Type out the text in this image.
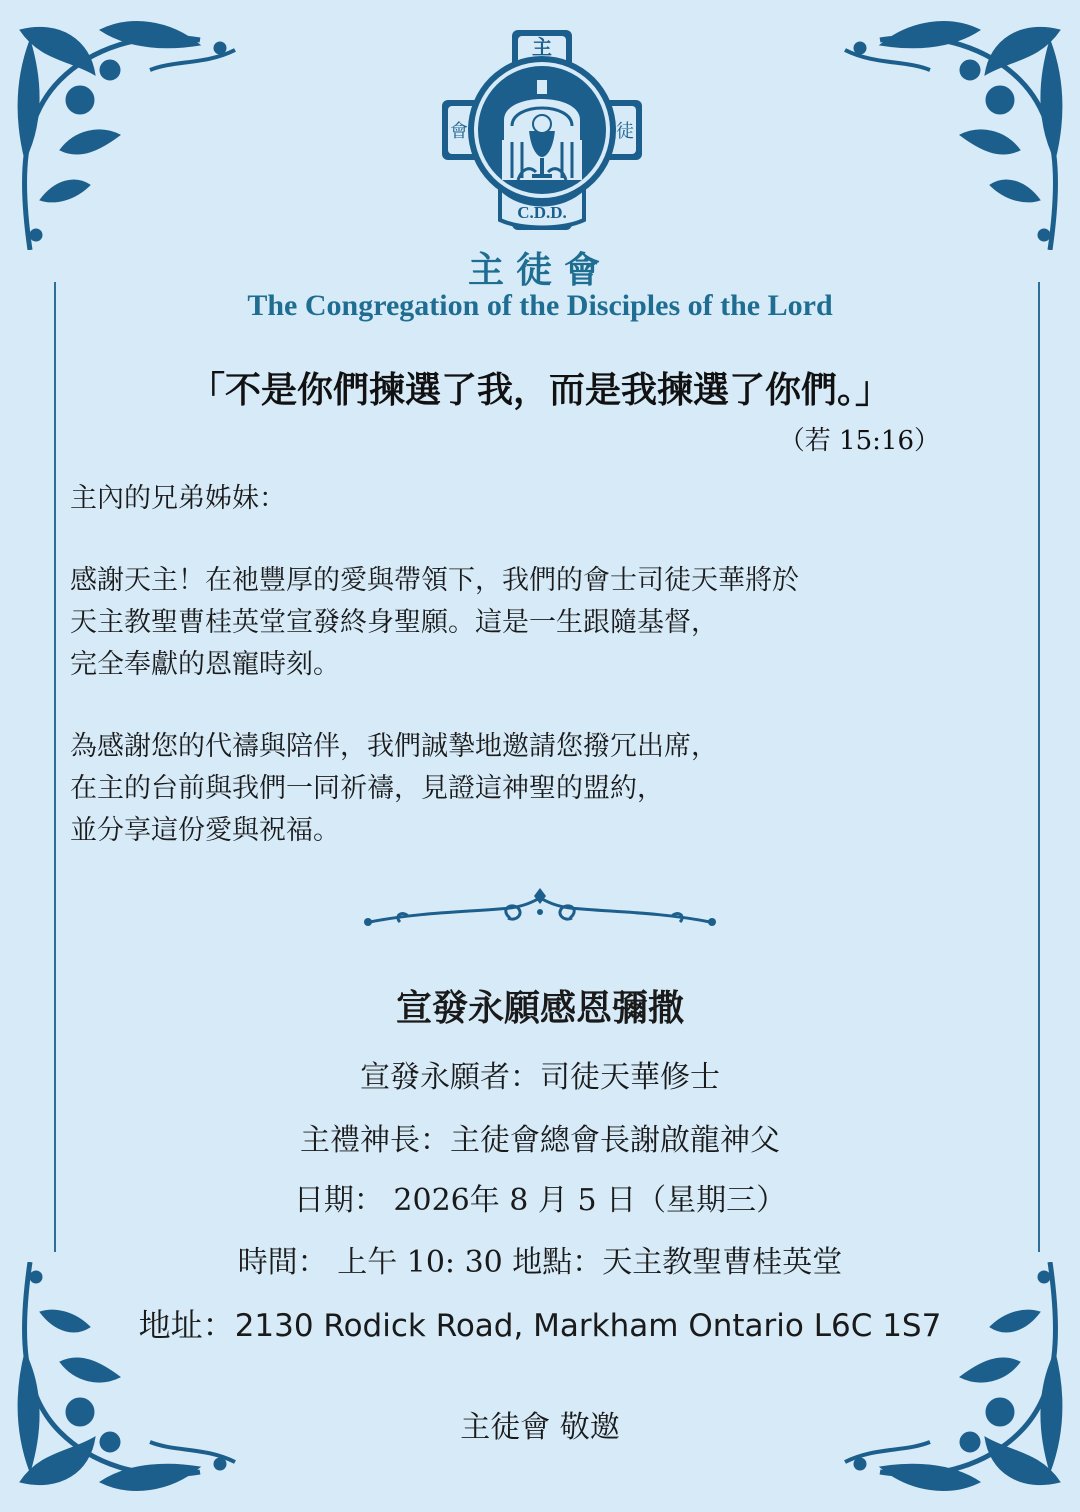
C.D.D.
主
會	徒
主徒會
The Congregation of the Disciples of the Lord
「不是你們揀選了我，而是我揀選了你們。」
（若 15:16）
主內的兄弟姊妹：
感謝天主！在祂豐厚的愛與帶領下，我們的會士司徒天華將於
天主教聖曹桂英堂宣發終身聖願。這是一生跟隨基督，
完全奉獻的恩寵時刻。
為感謝您的代禱與陪伴，我們誠摯地邀請您撥冗出席，
在主的台前與我們一同祈禱，見證這神聖的盟約，
並分享這份愛與祝福。
宣發永願感恩彌撒
宣發永願者：司徒天華修士
主禮神長：主徒會總會長謝啟龍神父
日期： 2026年 8 月 5 日（星期三）
時間： 上午 10: 30 地點：天主教聖曹桂英堂
地址：2130 Rodick Road, Markham Ontario L6C 1S7
主徒會 敬邀
